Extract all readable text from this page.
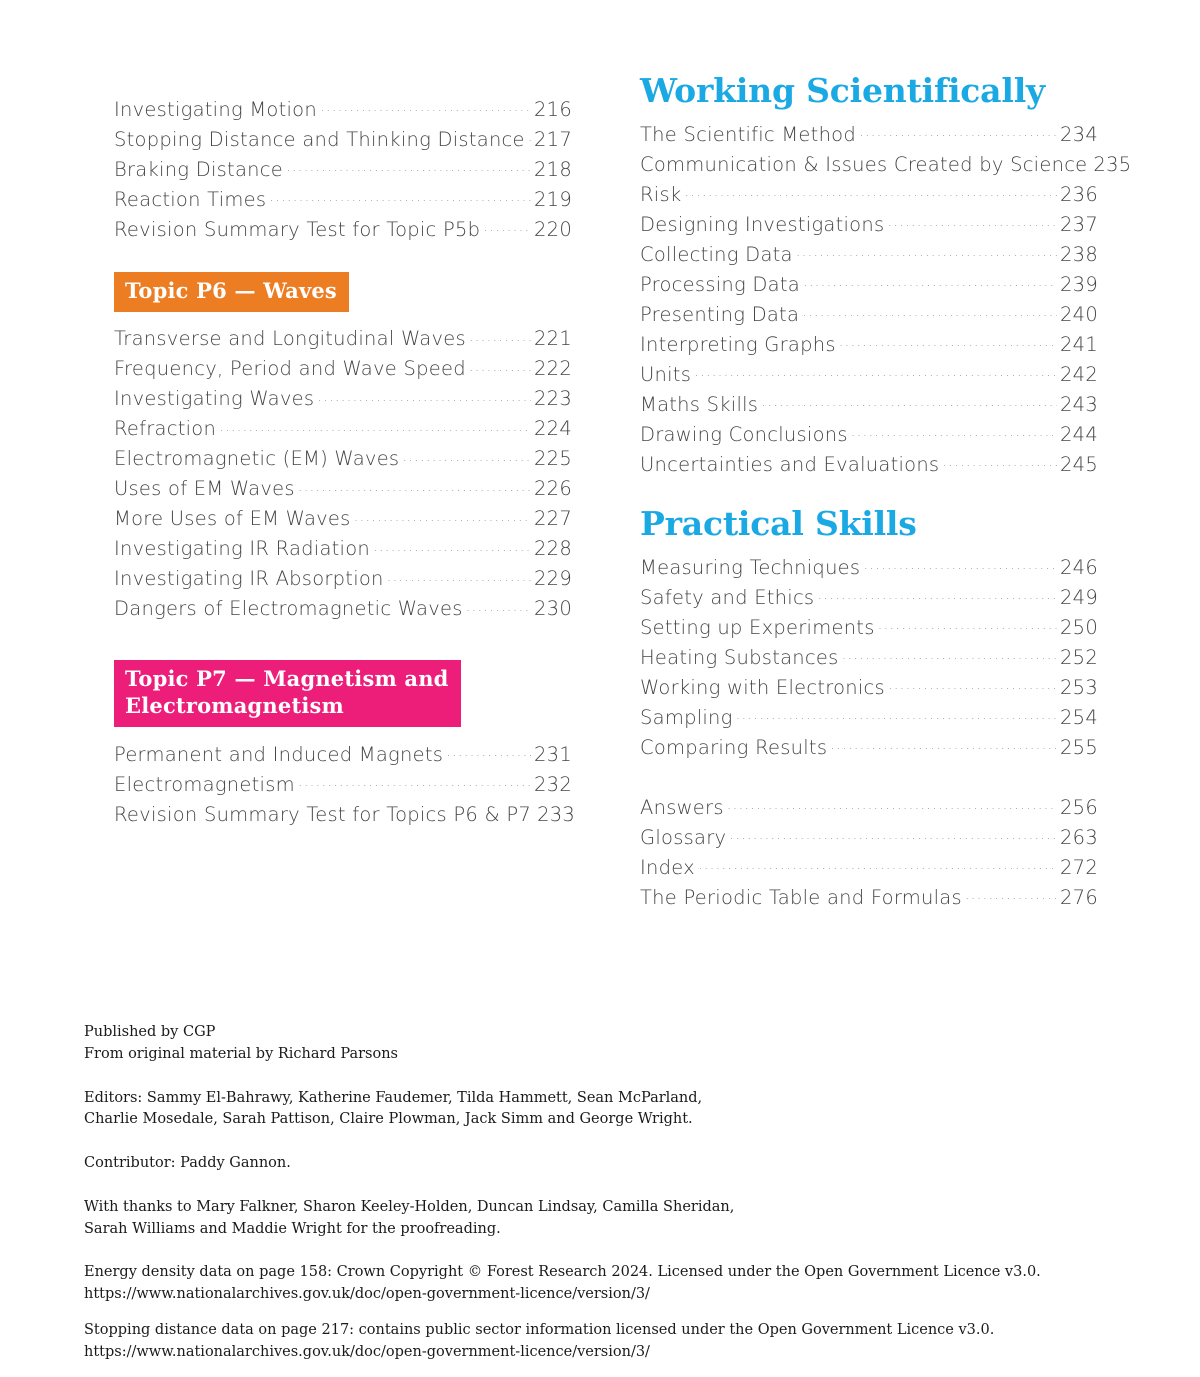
Investigating Motion .....	216
Stopping Distance and Thinking Distance ..... 217
Braking Distance .....	218
Reaction Times .....	219
Revision Summary Test for Topic P5b .....	220
Topic P6 — Waves
Transverse and Longitudinal Waves .....	221
Frequency, Period and Wave Speed .....	222
Investigating Waves .....	223
Refraction .....	224
Electromagnetic (EM) Waves .....	225
Uses of EM Waves .....	226
More Uses of EM Waves .....	227
Investigating IR Radiation .....	228
Investigating IR Absorption .....	229
Dangers of Electromagnetic Waves .....	230
Topic P7 — Magnetism and
Electromagnetism
Permanent and Induced Magnets .....	231
Electromagnetism .....	232
Revision Summary Test for Topics P6 & P7 233
Working Scientifically
The Scientific Method .....	234
Communication & Issues Created by Science 235
Risk .....	236
Designing Investigations .....	237
Collecting Data .....	238
Processing Data .....	239
Presenting Data .....	240
Interpreting Graphs .....	241
Units .....	242
Maths Skills .....	243
Drawing Conclusions .....	244
Uncertainties and Evaluations .....	245
Practical Skills
Measuring Techniques .....	246
Safety and Ethics .....	249
Setting up Experiments .....	250
Heating Substances .....	252
Working with Electronics .....	253
Sampling .....	254
Comparing Results .....	255
Answers .....	256
Glossary .....	263
Index .....	272
The Periodic Table and Formulas .....	276

Published by CGP

From original material by Richard Parsons

Editors: Sammy El-Bahrawy, Katherine Faudemer, Tilda Hammett, Sean McParland,

Charlie Mosedale, Sarah Pattison, Claire Plowman, Jack Simm and George Wright.

Contributor: Paddy Gannon.

With thanks to Mary Falkner, Sharon Keeley-Holden, Duncan Lindsay, Camilla Sheridan,

Sarah Williams and Maddie Wright for the proofreading.

Energy density data on page 158: Crown Copyright © Forest Research 2024. Licensed under the Open Government Licence v3.0.

https://www.nationalarchives.gov.uk/doc/open-government-licence/version/3/

Stopping distance data on page 217: contains public sector information licensed under the Open Government Licence v3.0.

https://www.nationalarchives.gov.uk/doc/open-government-licence/version/3/
